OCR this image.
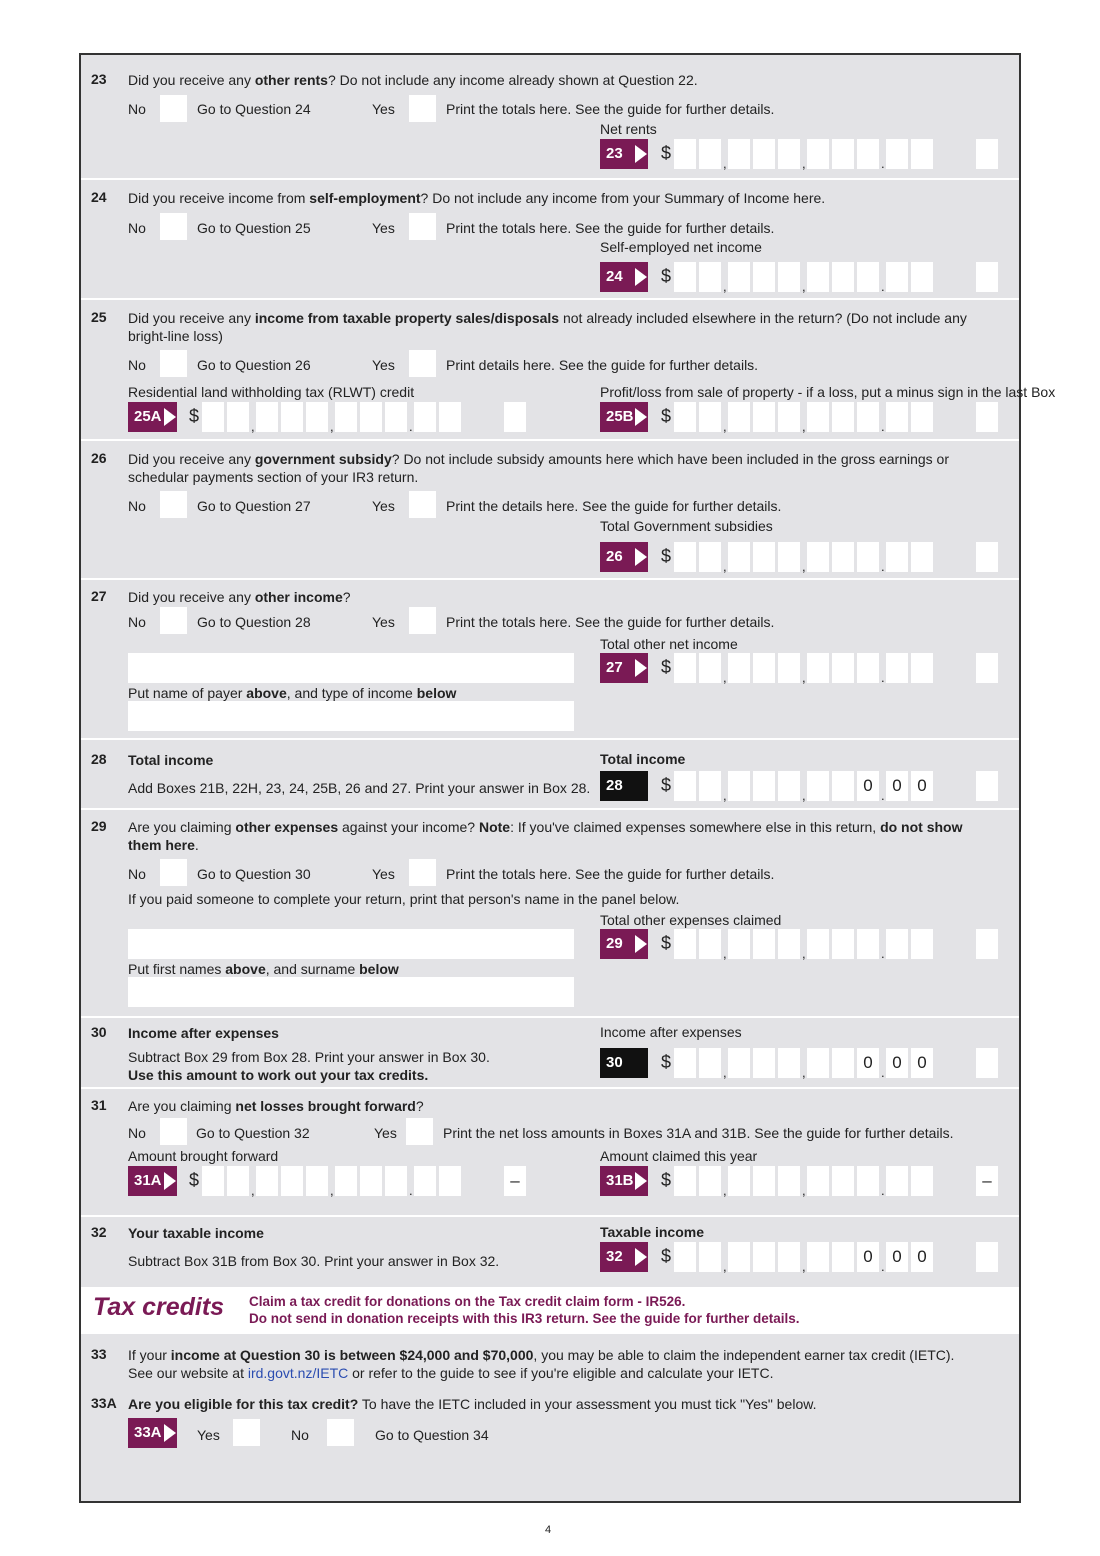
23 Did you receive any other rents? Do not include any income already shown at Question 22.
No	Go to Question 24	Yes	Print the totals here. See the guide for further details.
Net rents
23	$
,	,	.
24 Did you receive income from self-employment? Do not include any income from your Summary of Income here.
No	Go to Question 25	Yes	Print the totals here. See the guide for further details.
Self-employed net income
24	$
,	,	.
25 Did you receive any income from taxable property sales/disposals not already included elsewhere in the return? (Do not include any bright-line loss)
No	Go to Question 26	Yes	Print details here. See the guide for further details.
Residential land withholding tax (RLWT) credit	Profit/loss from sale of property - if a loss, put a minus sign in the last Box
25A	$
,	,	.
25B	$
,	,	.
26 Did you receive any government subsidy? Do not include subsidy amounts here which have been included in the gross earnings or schedular payments section of your IR3 return.
No	Go to Question 27	Yes	Print the details here. See the guide for further details.
Total Government subsidies
26	$
,	,	.
27 Did you receive any other income?
No	Go to Question 28	Yes	Print the totals here. See the guide for further details.
Total other net income
Put name of payer above, and type of income below
27	$
,	,	.
28 Total income
Add Boxes 21B, 22H, 23, 24, 25B, 26 and 27. Print your answer in Box 28.
Total income
28	$	0	0 0
,	,	.
29 Are you claiming other expenses against your income? Note: If you've claimed expenses somewhere else in this return, do not show them here.
No	Go to Question 30	Yes	Print the totals here. See the guide for further details.
If you paid someone to complete your return, print that person's name in the panel below.
Total other expenses claimed
Put first names above, and surname below
29	$
,	,	.
30 Income after expenses
Subtract Box 29 from Box 28. Print your answer in Box 30.
Use this amount to work out your tax credits.
Income after expenses
30	$	0	0 0
,	,	.
31 Are you claiming net losses brought forward?
No	Go to Question 32	Yes	Print the net loss amounts in Boxes 31A and 31B. See the guide for further details.
Amount brought forward	Amount claimed this year
31A	$
,	,	.
–	31B	$
,	,	.
–
32 Your taxable income
Subtract Box 31B from Box 30. Print your answer in Box 32.
Taxable income
32	$	0	0 0
,	,	.
Tax credits Claim a tax credit for donations on the Tax credit claim form - IR526.
Do not send in donation receipts with this IR3 return. See the guide for further details.
33 If your income at Question 30 is between $24,000 and $70,000, you may be able to claim the independent earner tax credit (IETC).
See our website at ird.govt.nz/IETC or refer to the guide to see if you're eligible and calculate your IETC.
33A Are you eligible for this tax credit? To have the IETC included in your assessment you must tick "Yes" below.
33A	Yes	No	Go to Question 34
4
